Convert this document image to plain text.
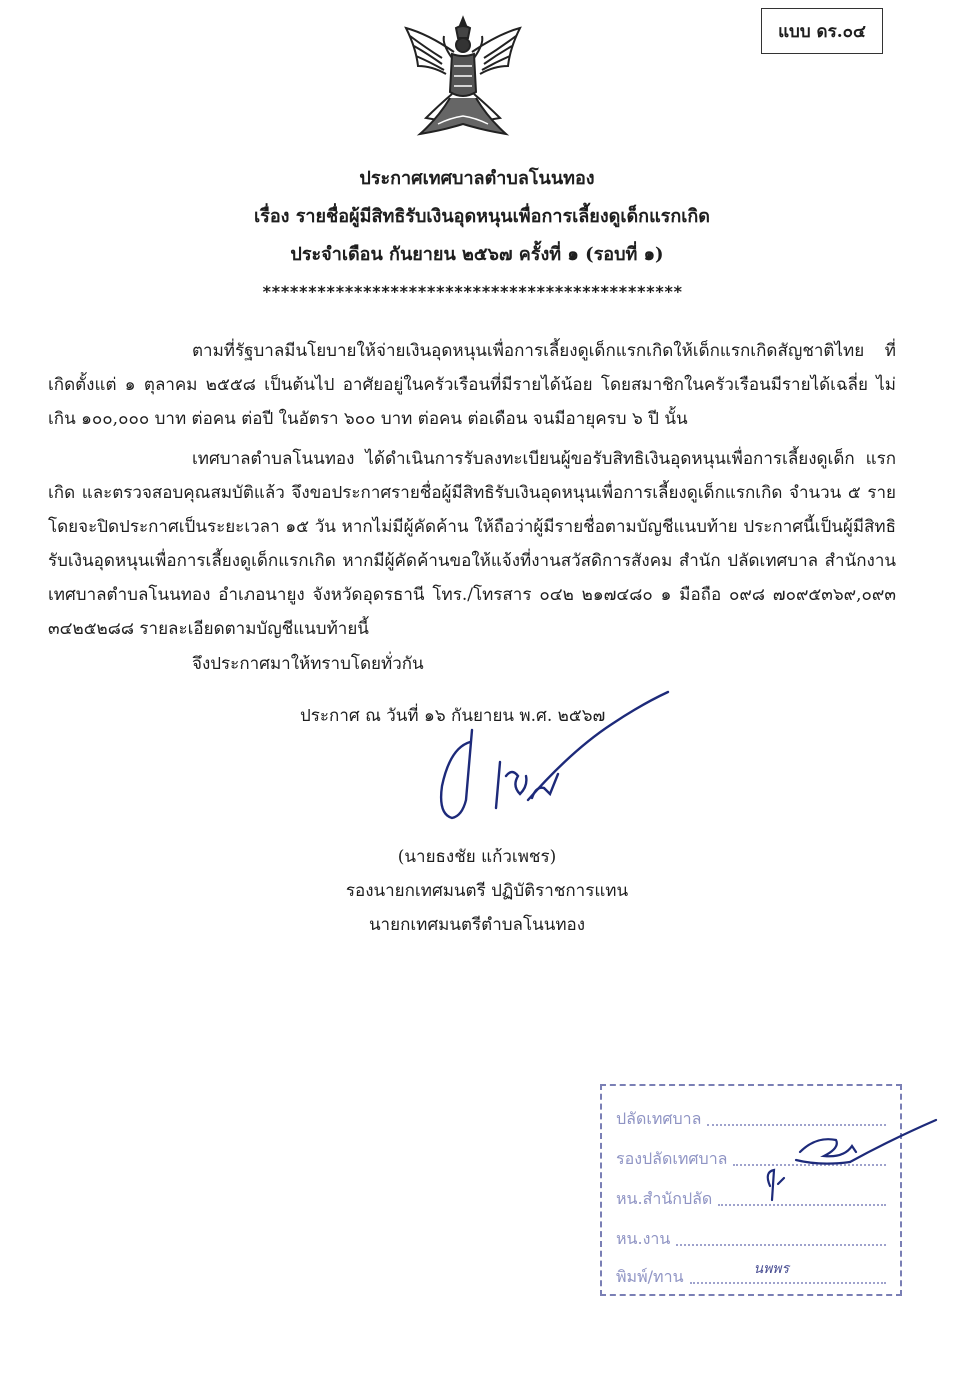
แบบ ดร.๐๔
ประกาศเทศบาลตำบลโนนทอง
เรื่อง รายชื่อผู้มีสิทธิรับเงินอุดหนุนเพื่อการเลี้ยงดูเด็กแรกเกิด
ประจำเดือน กันยายน ๒๕๖๗ ครั้งที่ ๑ (รอบที่ ๑)
**********************************************

ตามที่รัฐบาลมีนโยบายให้จ่ายเงินอุดหนุนเพื่อการเลี้ยงดูเด็กแรกเกิดให้เด็กแรกเกิดสัญชาติไทย ที่เกิดตั้งแต่ ๑ ตุลาคม ๒๕๕๘ เป็นต้นไป อาศัยอยู่ในครัวเรือนที่มีรายได้น้อย โดยสมาชิกในครัวเรือนมีรายได้เฉลี่ย ไม่เกิน ๑๐๐,๐๐๐ บาท ต่อคน ต่อปี ในอัตรา ๖๐๐ บาท ต่อคน ต่อเดือน จนมีอายุครบ ๖ ปี นั้น

เทศบาลตำบลโนนทอง ได้ดำเนินการรับลงทะเบียนผู้ขอรับสิทธิเงินอุดหนุนเพื่อการเลี้ยงดูเด็ก แรกเกิด และตรวจสอบคุณสมบัติแล้ว จึงขอประกาศรายชื่อผู้มีสิทธิรับเงินอุดหนุนเพื่อการเลี้ยงดูเด็กแรกเกิด จำนวน ๕ ราย โดยจะปิดประกาศเป็นระยะเวลา ๑๕ วัน หากไม่มีผู้คัดค้าน ให้ถือว่าผู้มีรายชื่อตามบัญชีแนบท้าย ประกาศนี้เป็นผู้มีสิทธิรับเงินอุดหนุนเพื่อการเลี้ยงดูเด็กแรกเกิด หากมีผู้คัดค้านขอให้แจ้งที่งานสวัสดิการสังคม สำนัก ปลัดเทศบาล สำนักงานเทศบาลตำบลโนนทอง อำเภอนายูง จังหวัดอุดรธานี โทร./โทรสาร ๐๔๒ ๒๑๗๔๘๐ ๑ มือถือ ๐๙๘ ๗๐๙๕๓๖๙,๐๙๓ ๓๔๒๕๒๘๘ รายละเอียดตามบัญชีแนบท้ายนี้

จึงประกาศมาให้ทราบโดยทั่วกัน
ประกาศ ณ วันที่ ๑๖ กันยายน พ.ศ. ๒๕๖๗
(นายธงชัย แก้วเพชร)
รองนายกเทศมนตรี ปฏิบัติราชการแทน
นายกเทศมนตรีตำบลโนนทอง
ปลัดเทศบาล
รองปลัดเทศบาล
หน.สำนักปลัด
หน.งาน
พิมพ์/ทาน	นพพร
